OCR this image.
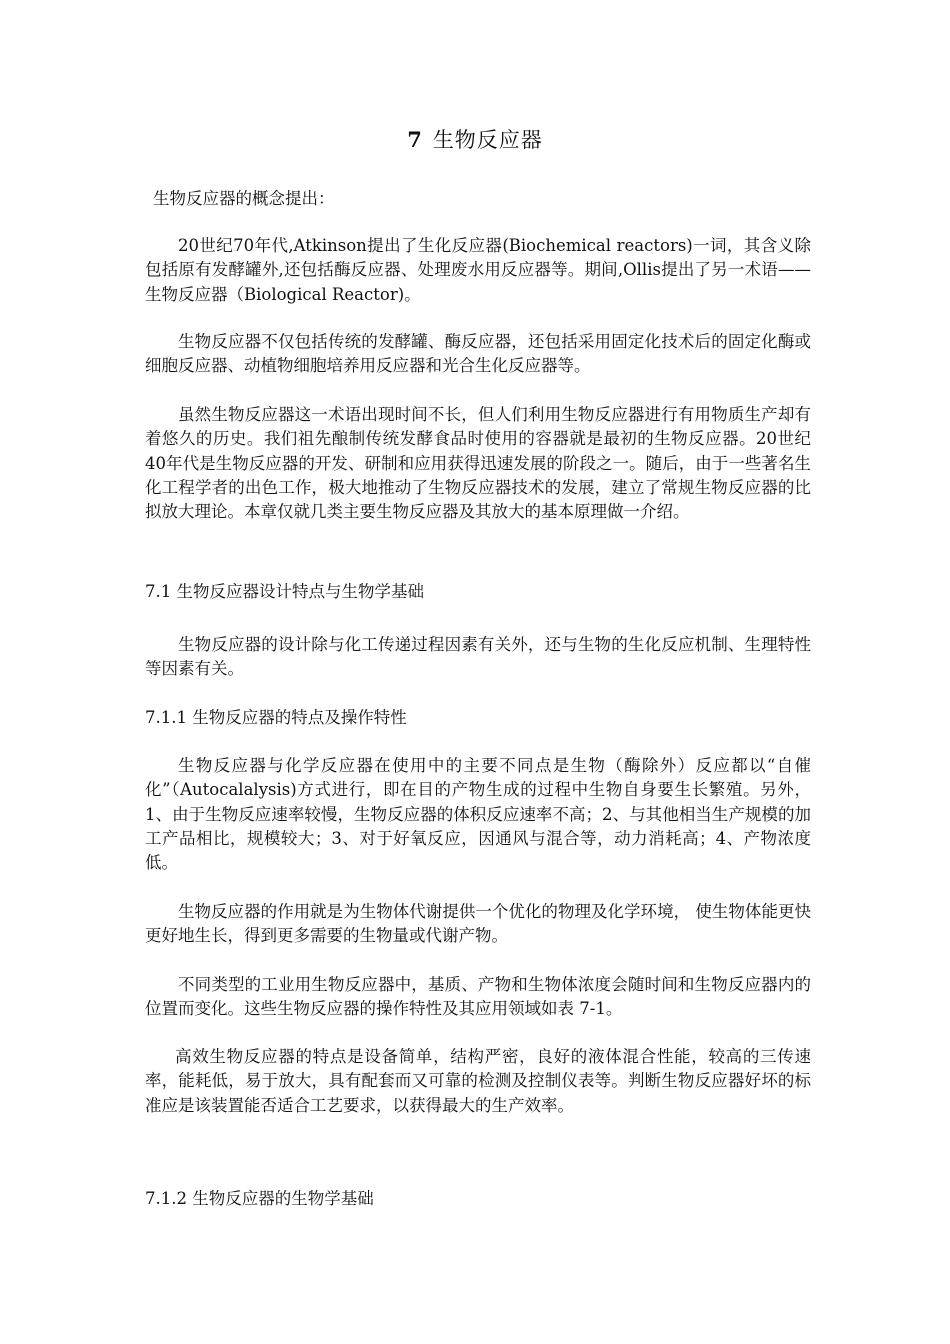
7 生物反应器

生物反应器的概念提出：

20世纪70年代,Atkinson提出了生化反应器(Biochemical reactors)一词，其含义除包括原有发酵罐外,还包括酶反应器、处理废水用反应器等。期间,Ollis提出了另一术语——生物反应器（Biological Reactor)。

生物反应器不仅包括传统的发酵罐、酶反应器，还包括采用固定化技术后的固定化酶或细胞反应器、动植物细胞培养用反应器和光合生化反应器等。

虽然生物反应器这一术语出现时间不长，但人们利用生物反应器进行有用物质生产却有着悠久的历史。我们祖先酿制传统发酵食品时使用的容器就是最初的生物反应器。20世纪40年代是生物反应器的开发、研制和应用获得迅速发展的阶段之一。随后，由于一些著名生化工程学者的出色工作，极大地推动了生物反应器技术的发展，建立了常规生物反应器的比拟放大理论。本章仅就几类主要生物反应器及其放大的基本原理做一介绍。

7.1 生物反应器设计特点与生物学基础

生物反应器的设计除与化工传递过程因素有关外，还与生物的生化反应机制、生理特性等因素有关。

7.1.1 生物反应器的特点及操作特性

生物反应器与化学反应器在使用中的主要不同点是生物（酶除外）反应都以“自催化”（Autocalalysis)方式进行，即在目的产物生成的过程中生物自身要生长繁殖。另外，1、由于生物反应速率较慢，生物反应器的体积反应速率不高；2、与其他相当生产规模的加工产品相比，规模较大；3、对于好氧反应，因通风与混合等，动力消耗高；4、产物浓度低。

生物反应器的作用就是为生物体代谢提供一个优化的物理及化学环境， 使生物体能更快更好地生长，得到更多需要的生物量或代谢产物。

不同类型的工业用生物反应器中，基质、产物和生物体浓度会随时间和生物反应器内的位置而变化。这些生物反应器的操作特性及其应用领域如表 7-1。

高效生物反应器的特点是设备简单，结构严密，良好的液体混合性能，较高的三传速率，能耗低，易于放大，具有配套而又可靠的检测及控制仪表等。判断生物反应器好坏的标准应是该装置能否适合工艺要求，以获得最大的生产效率。

7.1.2 生物反应器的生物学基础
